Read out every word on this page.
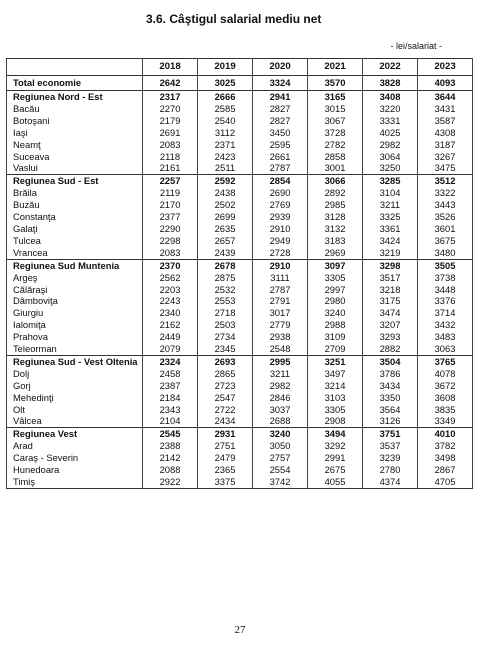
3.6. Câştigul salarial mediu net
- lei/salariat -
	2018	2019	2020	2021	2022	2023
Total economie	2642	3025	3324	3570	3828	4093
Regiunea Nord - Est	2317	2666	2941	3165	3408	3644
Bacău	2270	2585	2827	3015	3220	3431
Botoşani	2179	2540	2827	3067	3331	3587
Iaşi	2691	3112	3450	3728	4025	4308
Neamţ	2083	2371	2595	2782	2982	3187
Suceava	2118	2423	2661	2858	3064	3267
Vaslui	2161	2511	2787	3001	3250	3475
Regiunea Sud - Est	2257	2592	2854	3066	3285	3512
Brăila	2119	2438	2690	2892	3104	3322
Buzău	2170	2502	2769	2985	3211	3443
Constanţa	2377	2699	2939	3128	3325	3526
Galaţi	2290	2635	2910	3132	3361	3601
Tulcea	2298	2657	2949	3183	3424	3675
Vrancea	2083	2439	2728	2969	3219	3480
Regiunea Sud Muntenia	2370	2678	2910	3097	3298	3505
Argeş	2562	2875	3111	3305	3517	3738
Călăraşi	2203	2532	2787	2997	3218	3448
Dâmboviţa	2243	2553	2791	2980	3175	3376
Giurgiu	2340	2718	3017	3240	3474	3714
Ialomiţa	2162	2503	2779	2988	3207	3432
Prahova	2449	2734	2938	3109	3293	3483
Teleorman	2079	2345	2548	2709	2882	3063
Regiunea Sud - Vest Oltenia	2324	2693	2995	3251	3504	3765
Dolj	2458	2865	3211	3497	3786	4078
Gorj	2387	2723	2982	3214	3434	3672
Mehedinţi	2184	2547	2846	3103	3350	3608
Olt	2343	2722	3037	3305	3564	3835
Vâlcea	2104	2434	2688	2908	3126	3349
Regiunea Vest	2545	2931	3240	3494	3751	4010
Arad	2388	2751	3050	3292	3537	3782
Caraş - Severin	2142	2479	2757	2991	3239	3498
Hunedoara	2088	2365	2554	2675	2780	2867
Timiş	2922	3375	3742	4055	4374	4705
27
